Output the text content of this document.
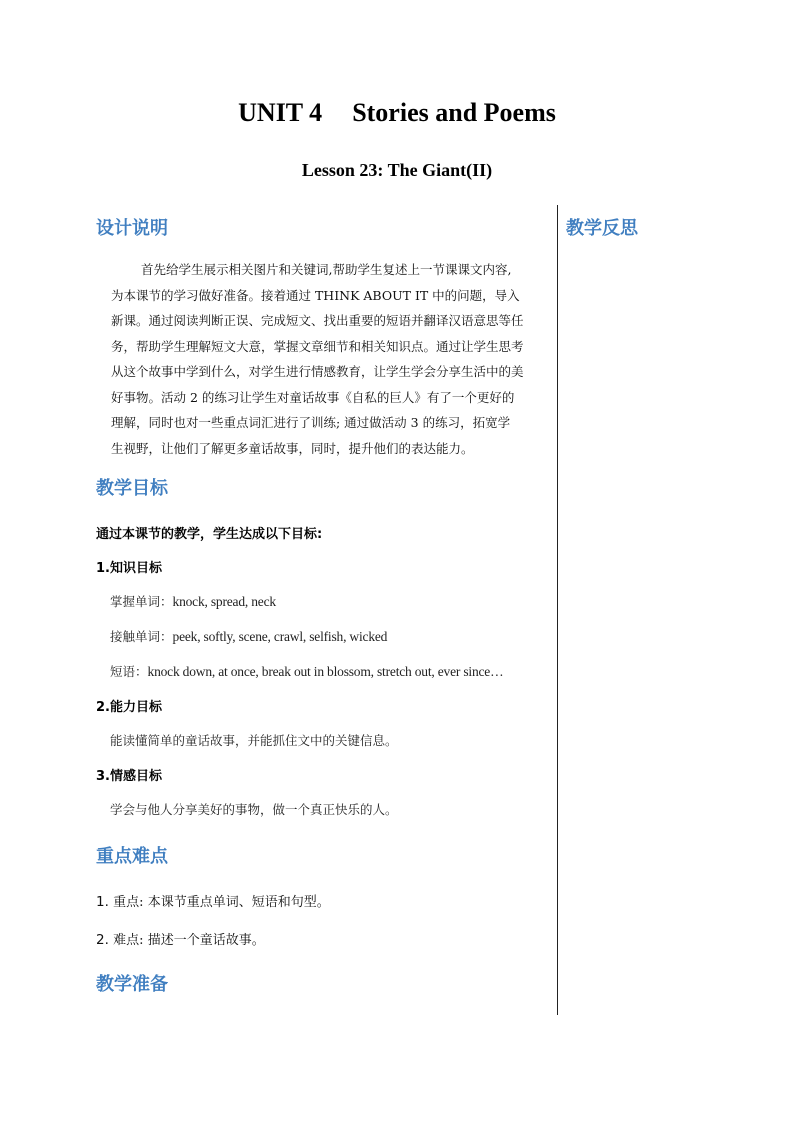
UNIT 4 Stories and Poems
Lesson 23: The Giant(II)
设计说明	教学反思
首先给学生展示相关图片和关键词,帮助学生复述上一节课课文内容,
为本课节的学习做好准备。接着通过 THINK ABOUT IT 中的问题，导入
新课。通过阅读判断正误、完成短文、找出重要的短语并翻译汉语意思等任
务，帮助学生理解短文大意，掌握文章细节和相关知识点。通过让学生思考
从这个故事中学到什么，对学生进行情感教育，让学生学会分享生活中的美
好事物。活动 2 的练习让学生对童话故事《自私的巨人》有了一个更好的
理解，同时也对一些重点词汇进行了训练; 通过做活动 3 的练习，拓宽学
生视野，让他们了解更多童话故事，同时，提升他们的表达能力。
教学目标
通过本课节的教学，学生达成以下目标:
1.知识目标
掌握单词：knock, spread, neck
接触单词：peek, softly, scene, crawl, selfish, wicked
短语：knock down, at once, break out in blossom, stretch out, ever since…
2.能力目标
能读懂简单的童话故事，并能抓住文中的关键信息。
3.情感目标
学会与他人分享美好的事物，做一个真正快乐的人。
重点难点
1. 重点: 本课节重点单词、短语和句型。
2. 难点: 描述一个童话故事。
教学准备
